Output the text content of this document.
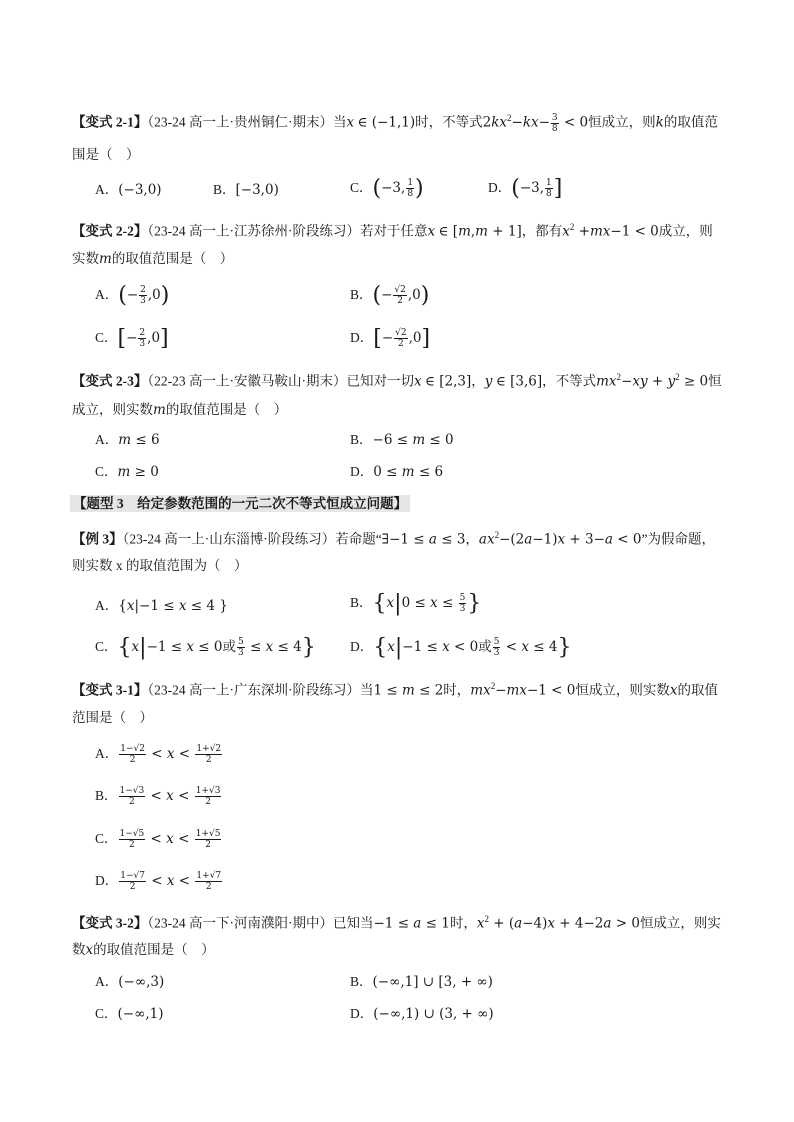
【变式 2-1】（23-24 高一上·贵州铜仁·期末）当x ∈ (−1,1)时，不等式$2kx^2-kx- \frac{3}{8} < 0$恒成立，则k的取值范
围是（　）
A．(−3,0)	B．[−3,0)	C．(−3, $\frac{1}{8}$ )	D．(−3, $\frac{1}{8}$ ]
【变式 2-2】（23-24 高一上·江苏徐州·阶段练习）若对于任意x ∈ [m,m + 1]，都有$x^2 +mx-1 < 0$成立，则
实数m的取值范围是（　）
A．(− $\frac{2}{3} ,0$)	B．(− $\frac{√2}{2} ,0$)
C．[− $\frac{2}{3} ,0$]	D．[− $\frac{√2}{2} ,0$]
【变式 2-3】（22-23 高一上·安徽马鞍山·期末）已知对一切x ∈ [2,3]，y ∈ [3,6]，不等式$mx^2-xy + y^2 \ge 0$恒
成立，则实数m的取值范围是（　）
A．m ≤ 6	B．−6 ≤ m ≤ 0
C．m ≥ 0	D．0 ≤ m ≤ 6
【题型 3　给定参数范围的一元二次不等式恒成立问题】
【例 3】（23-24 高一上·山东淄博·阶段练习）若命题“∃−1 ≤ a ≤ 3，$ax^2-(2a-1)x + 3-a < 0$”为假命题，
则实数 x 的取值范围为（　）
A．{x|−1 ≤ x ≤ 4 }	B．{$x|0 \le x \le \frac{5}{3}$ }
C．{x|−1 ≤ x ≤ 0或 $\frac{5}{3} \le x \le 4$}	D．{x|−1 ≤ x < 0或 $\frac{5}{3} < x \le 4$}
【变式 3-1】（23-24 高一上·广东深圳·阶段练习）当1 ≤ m ≤ 2时，$mx^2-mx-1 < 0$恒成立，则实数x的取值
范围是（　）
A． $\frac{1-√2}{2} < x < \frac{1+√2}{2}$
B． $\frac{1-√3}{2} < x < \frac{1+√3}{2}$
C． $\frac{1-√5}{2} < x < \frac{1+√5}{2}$
D． $\frac{1-√7}{2} < x < \frac{1+√7}{2}$
【变式 3-2】（23-24 高一下·河南濮阳·期中）已知当−1 ≤ a ≤ 1时，$x^2 + (a-4)x + 4-2a > 0$恒成立，则实
数x的取值范围是（　）
A．(−∞,3)	B．(−∞,1] ∪ [3, + ∞)
C．(−∞,1)	D．(−∞,1) ∪ (3, + ∞)
